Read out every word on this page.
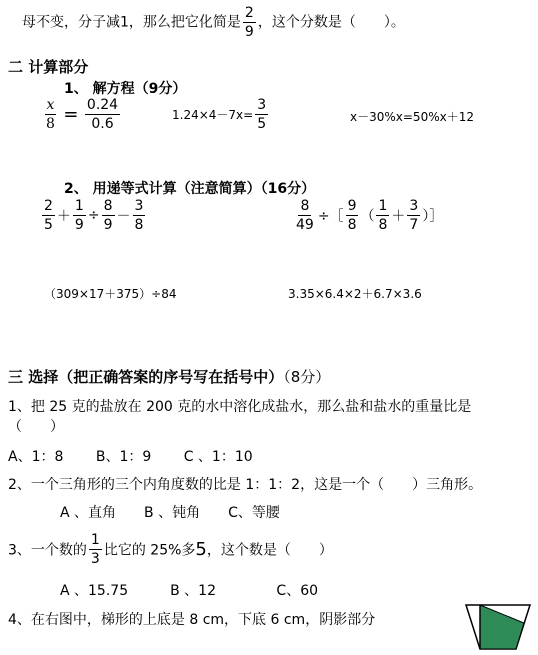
母不变，分子减1，那么把它化简是 $\frac{2}{9}$ ，这个分数是（　　）。
二 计算部分
1、 解方程（9分）
$\frac{x}{8} = \frac{0.24}{0.6}$	$1.24\times 4-7x= \frac{3}{5}$	x－30%x=50%x＋12
2、 用递等式计算（注意简算）（16分）
$\frac{2}{5} + \frac{1}{9} \div \frac{8}{9} - \frac{3}{8}$	$\frac{8}{49}$ ÷［ $\frac{9}{8}$ （ $\frac{1}{8} + \frac{3}{7}$ ）］
（309×17＋375）÷84	3.35×6.4×2＋6.7×3.6
三 选择（把正确答案的序号写在括号中）（8分）
1、把 25 克的盐放在 200 克的水中溶化成盐水，那么盐和盐水的重量比是
（　　）
A、1：8　　 B、1：9　　 C 、1：10
2、一个三角形的三个内角度数的比是 1：1：2，这是一个（　　）三角形。
A 、直角　　B 、钝角　　C、等腰
3、一个数的 $\frac{1}{3}$ 比它的 25%多5，这个数是（　　）
A 、15.75　　　B 、12　　　　 C、60
4、在右图中，梯形的上底是 8 cm，下底 6 cm，阴影部分
